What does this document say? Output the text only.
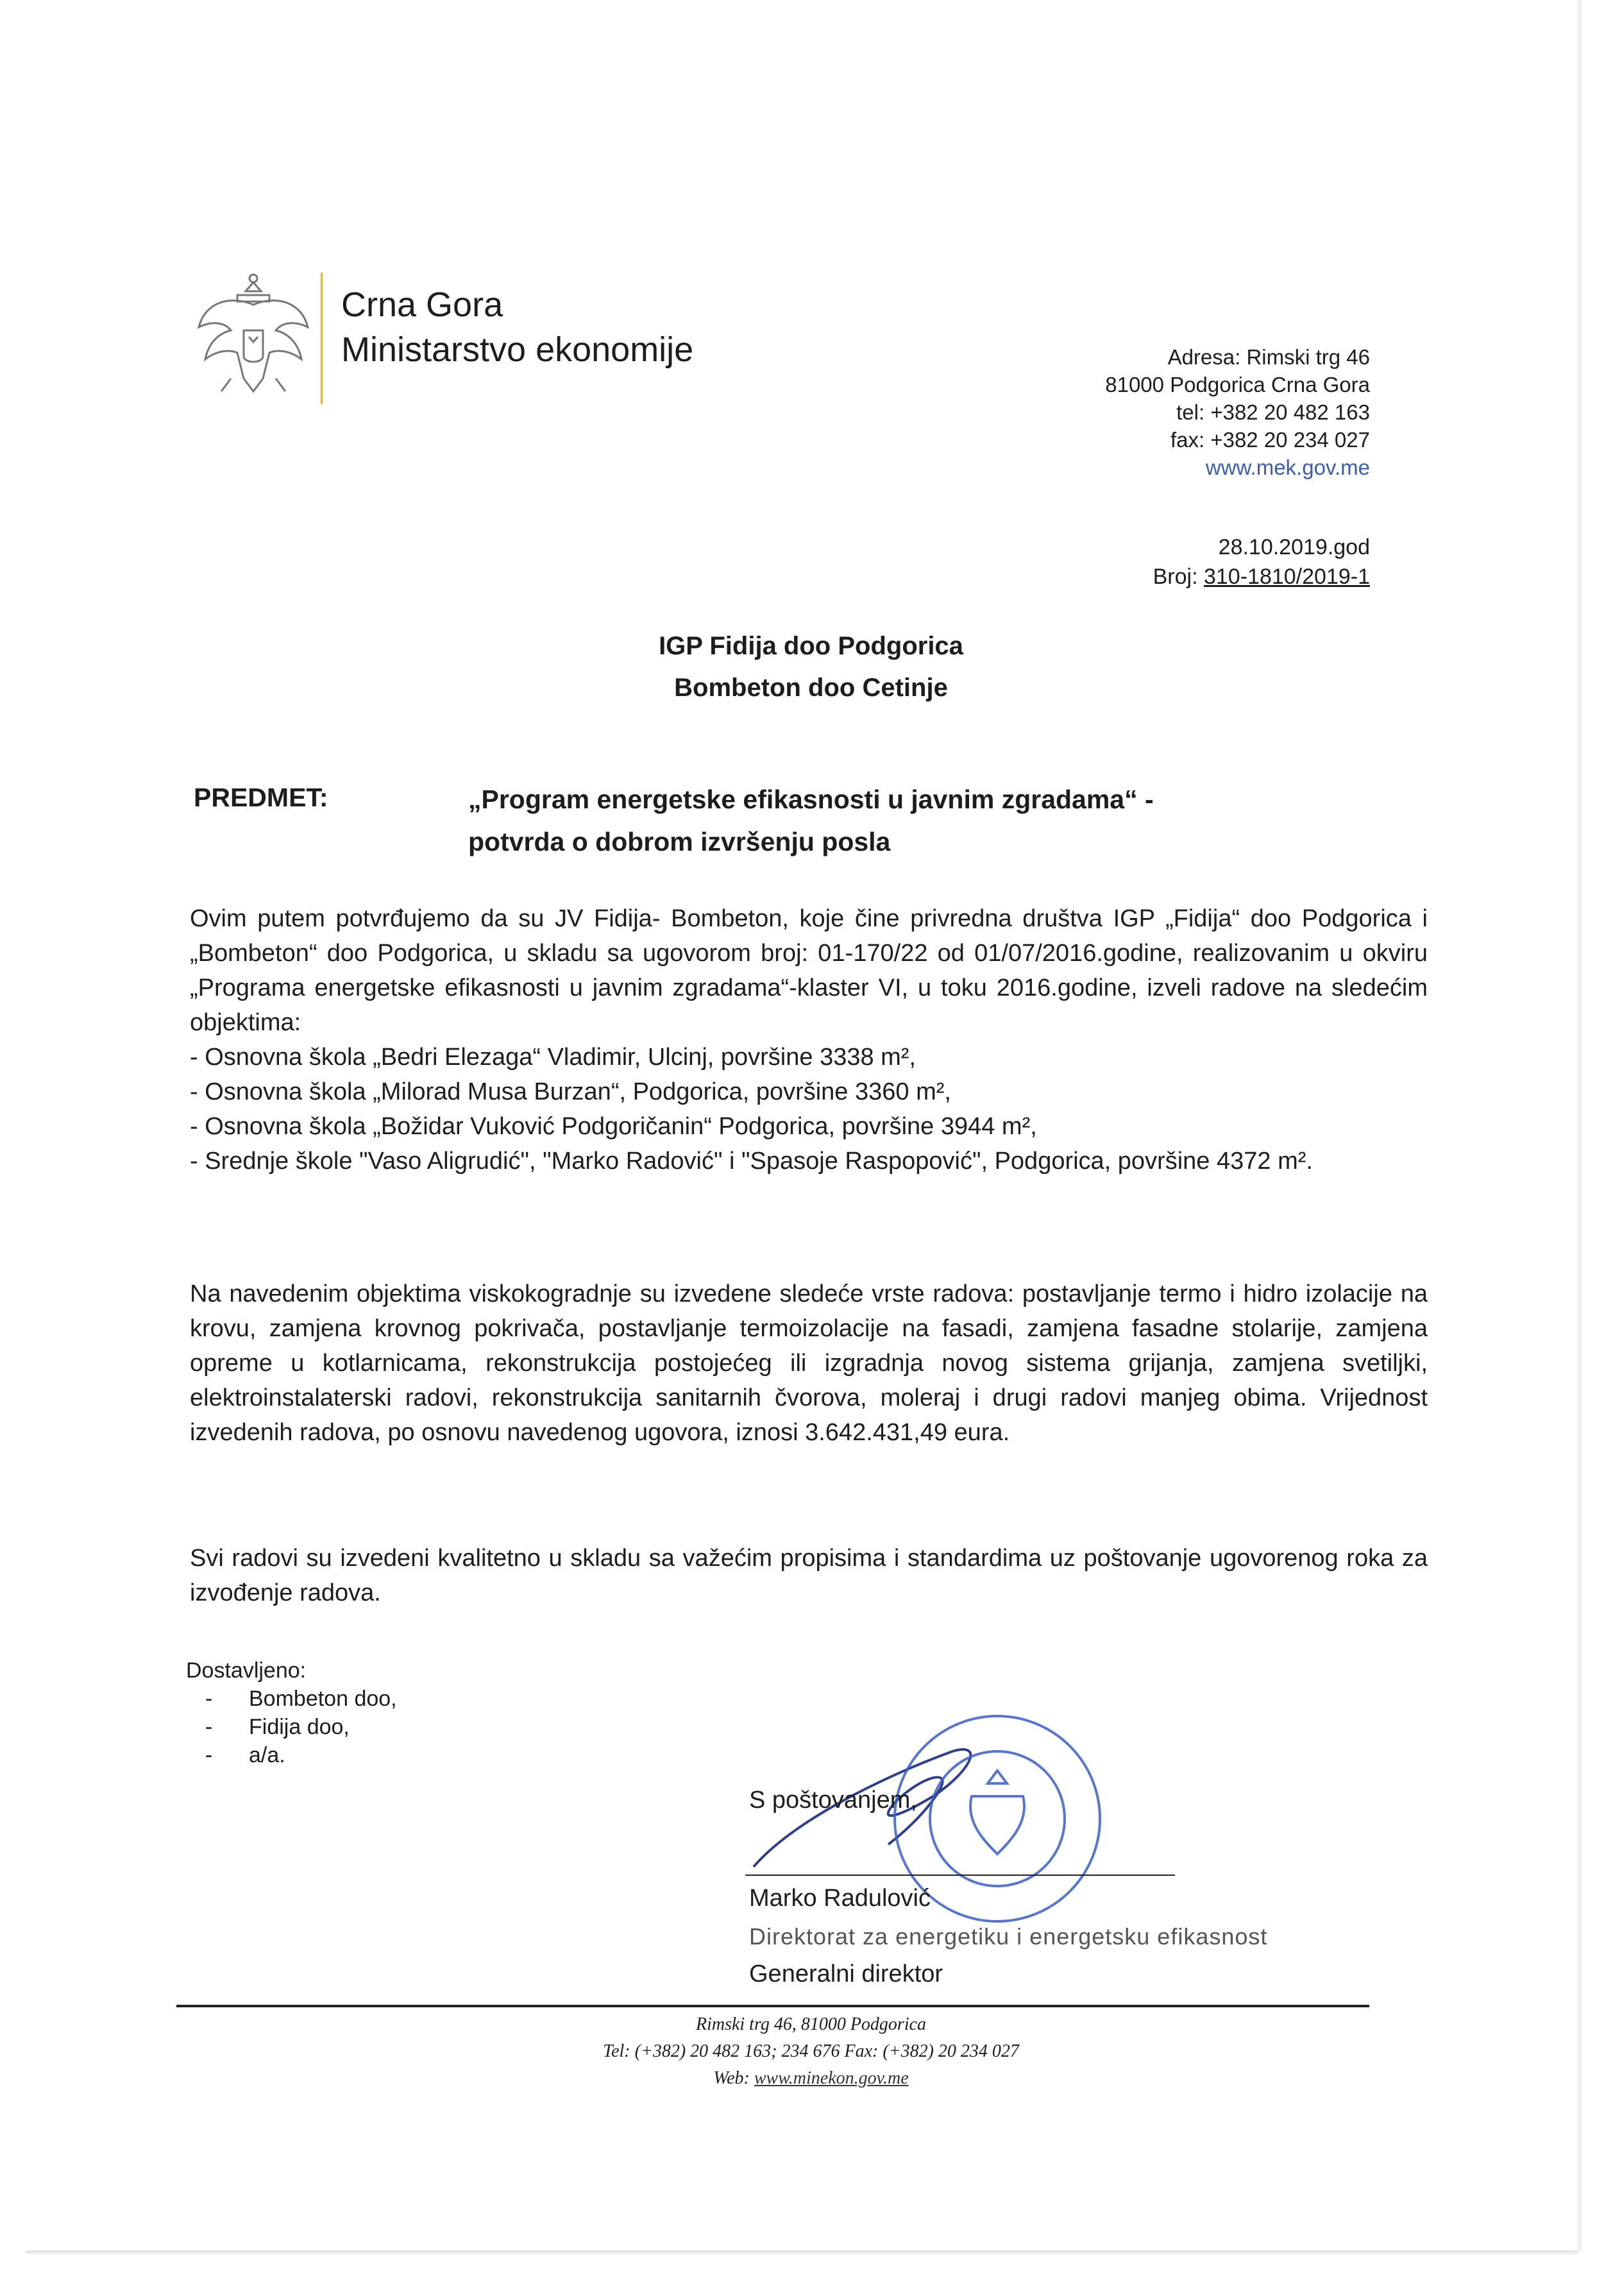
Crna Gora
Ministarstvo ekonomije	Adresa: Rimski trg 46
81000 Podgorica Crna Gora
tel: +382 20 482 163
fax: +382 20 234 027
www.mek.gov.me
28.10.2019.god
Broj: 310-1810/2019-1
IGP Fidija doo Podgorica
Bombeton doo Cetinje
PREDMET:	„Program energetske efikasnosti u javnim zgradama“ -
potvrda o dobrom izvršenju posla

Ovim putem potvrđujemo da su JV Fidija- Bombeton, koje čine privredna društva IGP „Fidija“ doo Podgorica i „Bombeton“ doo Podgorica, u skladu sa ugovorom broj: 01-170/22 od 01/07/2016.godine, realizovanim u okviru „Programa energetske efikasnosti u javnim zgradama“-klaster VI, u toku 2016.godine, izveli radove na sledećim objektima:

- Osnovna škola „Bedri Elezaga“ Vladimir, Ulcinj, površine 3338 m²,

- Osnovna škola „Milorad Musa Burzan“, Podgorica, površine 3360 m²,

- Osnovna škola „Božidar Vuković Podgoričanin“ Podgorica, površine 3944 m²,

- Srednje škole "Vaso Aligrudić", "Marko Radović" i "Spasoje Raspopović", Podgorica, površine 4372 m².

Na navedenim objektima viskokogradnje su izvedene sledeće vrste radova: postavljanje termo i hidro izolacije na krovu, zamjena krovnog pokrivača, postavljanje termoizolacije na fasadi, zamjena fasadne stolarije, zamjena opreme u kotlarnicama, rekonstrukcija postojećeg ili izgradnja novog sistema grijanja, zamjena svetiljki, elektroinstalaterski radovi, rekonstrukcija sanitarnih čvorova, moleraj i drugi radovi manjeg obima. Vrijednost izvedenih radova, po osnovu navedenog ugovora, iznosi 3.642.431,49 eura.

Svi radovi su izvedeni kvalitetno u skladu sa važećim propisima i standardima uz poštovanje ugovorenog roka za izvođenje radova.

Dostavljeno:
-	Bombeton doo,
-	Fidija doo,
-	a/a.
S poštovanjem,
Marko Radulović
Direktorat za energetiku i energetsku efikasnost
Generalni direktor
Rimski trg 46, 81000 Podgorica
Tel: (+382) 20 482 163; 234 676 Fax: (+382) 20 234 027
Web: www.minekon.gov.me
